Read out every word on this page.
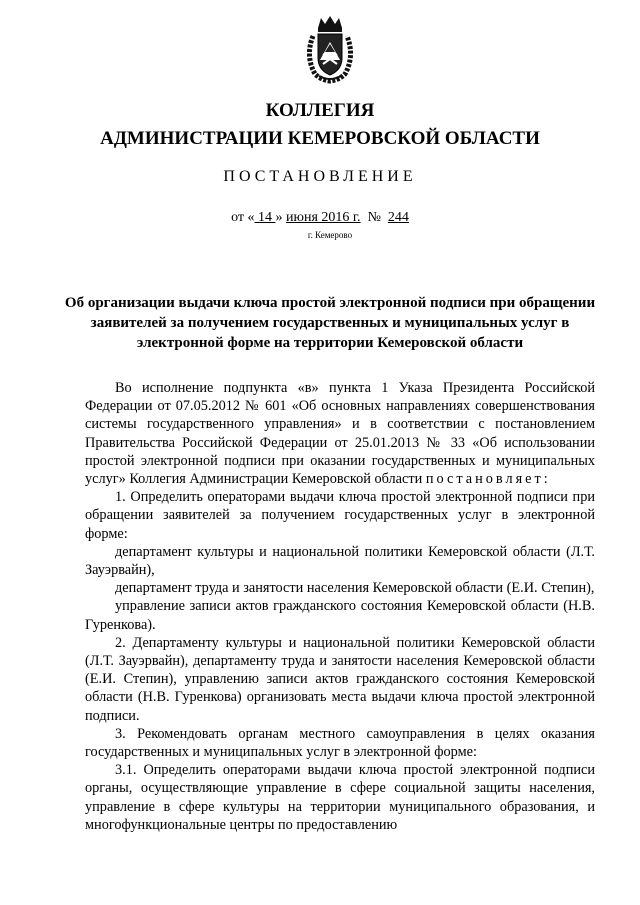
КОЛЛЕГИЯ
АДМИНИСТРАЦИИ КЕМЕРОВСКОЙ ОБЛАСТИ
ПОСТАНОВЛЕНИЕ
от « 14 » июня 2016 г.  №  244
г. Кемерово
Об организации выдачи ключа простой электронной подписи при обращении заявителей за получением государственных и муниципальных услуг в электронной форме на территории Кемеровской области

Во исполнение подпункта «в» пункта 1 Указа Президента Российской Федерации от 07.05.2012 № 601 «Об основных направлениях совершенствования системы государственного управления» и в соответствии с постановлением Правительства Российской Федерации от 25.01.2013 № 33 «Об использовании простой электронной подписи при оказании государственных и муниципальных услуг» Коллегия Администрации Кемеровской области постановляет:

1. Определить операторами выдачи ключа простой электронной подписи при обращении заявителей за получением государственных услуг в электронной форме:

департамент культуры и национальной политики Кемеровской области (Л.Т. Зауэрвайн),

департамент труда и занятости населения Кемеровской области (Е.И. Степин),

управление записи актов гражданского состояния Кемеровской области (Н.В. Гуренкова).

2. Департаменту культуры и национальной политики Кемеровской области (Л.Т. Зауэрвайн), департаменту труда и занятости населения Кемеровской области (Е.И. Степин), управлению записи актов гражданского состояния Кемеровской области (Н.В. Гуренкова) организовать места выдачи ключа простой электронной подписи.

3. Рекомендовать органам местного самоуправления в целях оказания государственных и муниципальных услуг в электронной форме:

3.1. Определить операторами выдачи ключа простой электронной подписи органы, осуществляющие управление в сфере социальной защиты населения, управление в сфере культуры на территории муниципального образования, и многофункциональные центры по предоставлению
